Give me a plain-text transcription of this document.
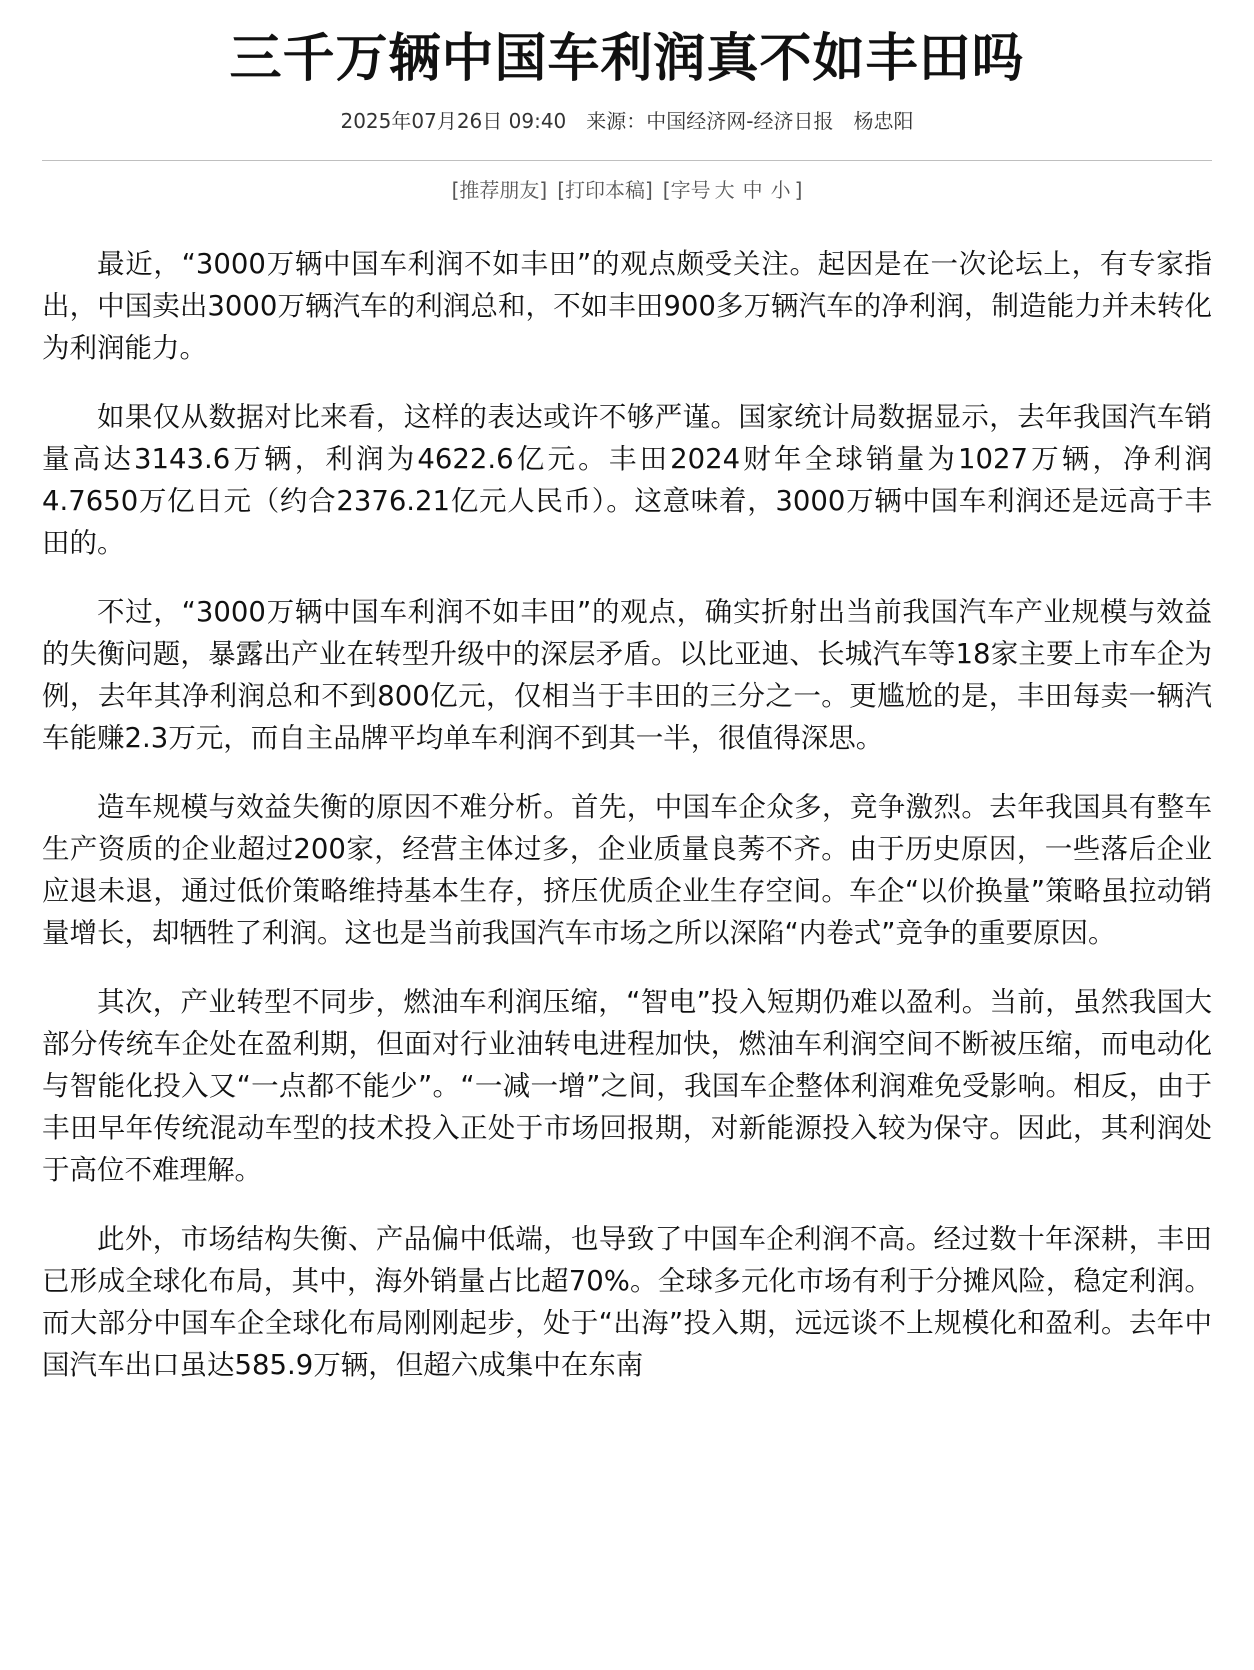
三千万辆中国车利润真不如丰田吗
2025年07月26日 09:40 来源：中国经济网-经济日报 杨忠阳
[推荐朋友] [打印本稿] [字号 大 中 小 ]

最近，“3000万辆中国车利润不如丰田”的观点颇受关注。起因是在一次论坛上，有专家指出，中国卖出3000万辆汽车的利润总和，不如丰田900多万辆汽车的净利润，制造能力并未转化为利润能力。

如果仅从数据对比来看，这样的表达或许不够严谨。国家统计局数据显示，去年我国汽车销量高达3143.6万辆，利润为4622.6亿元。丰田2024财年全球销量为1027万辆，净利润4.7650万亿日元（约合2376.21亿元人民币）。这意味着，3000万辆中国车利润还是远高于丰田的。

不过，“3000万辆中国车利润不如丰田”的观点，确实折射出当前我国汽车产业规模与效益的失衡问题，暴露出产业在转型升级中的深层矛盾。以比亚迪、长城汽车等18家主要上市车企为例，去年其净利润总和不到800亿元，仅相当于丰田的三分之一。更尴尬的是，丰田每卖一辆汽车能赚2.3万元，而自主品牌平均单车利润不到其一半，很值得深思。

造车规模与效益失衡的原因不难分析。首先，中国车企众多，竞争激烈。去年我国具有整车生产资质的企业超过200家，经营主体过多，企业质量良莠不齐。由于历史原因，一些落后企业应退未退，通过低价策略维持基本生存，挤压优质企业生存空间。车企“以价换量”策略虽拉动销量增长，却牺牲了利润。这也是当前我国汽车市场之所以深陷“内卷式”竞争的重要原因。

其次，产业转型不同步，燃油车利润压缩，“智电”投入短期仍难以盈利。当前，虽然我国大部分传统车企处在盈利期，但面对行业油转电进程加快，燃油车利润空间不断被压缩，而电动化与智能化投入又“一点都不能少”。“一减一增”之间，我国车企整体利润难免受影响。相反，由于丰田早年传统混动车型的技术投入正处于市场回报期，对新能源投入较为保守。因此，其利润处于高位不难理解。

此外，市场结构失衡、产品偏中低端，也导致了中国车企利润不高。经过数十年深耕，丰田已形成全球化布局，其中，海外销量占比超70%。全球多元化市场有利于分摊风险，稳定利润。而大部分中国车企全球化布局刚刚起步，处于“出海”投入期，远远谈不上规模化和盈利。去年中国汽车出口虽达585.9万辆，但超六成集中在东南
